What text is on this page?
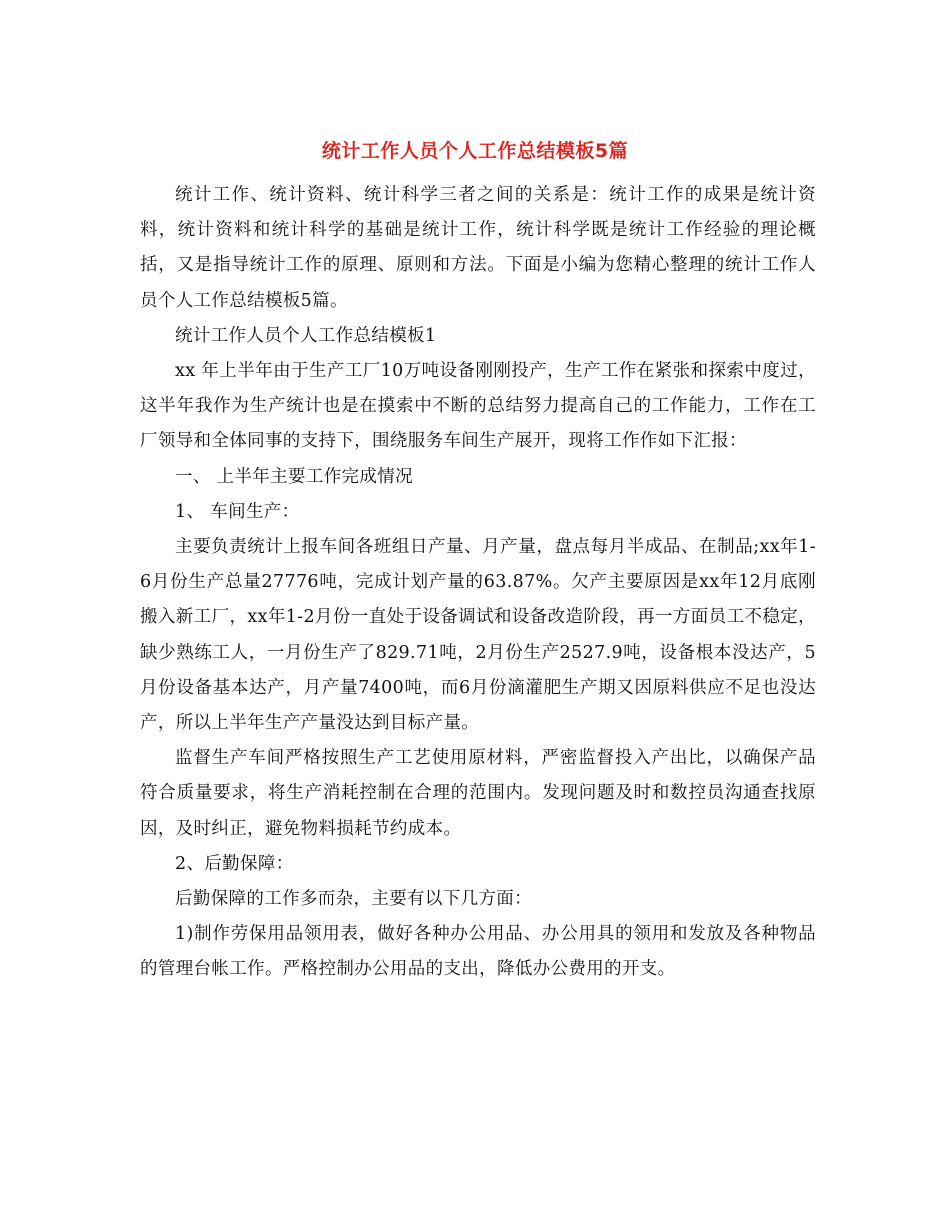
统计工作人员个人工作总结模板5篇

统计工作、统计资料、统计科学三者之间的关系是：统计工作的成果是统计资料，统计资料和统计科学的基础是统计工作，统计科学既是统计工作经验的理论概括，又是指导统计工作的原理、原则和方法。下面是小编为您精心整理的统计工作人员个人工作总结模板5篇。

统计工作人员个人工作总结模板1

xx 年上半年由于生产工厂10万吨设备刚刚投产，生产工作在紧张和探索中度过，这半年我作为生产统计也是在摸索中不断的总结努力提高自己的工作能力，工作在工厂领导和全体同事的支持下，围绕服务车间生产展开，现将工作作如下汇报：

一、 上半年主要工作完成情况

1、 车间生产：

主要负责统计上报车间各班组日产量、月产量，盘点每月半成品、在制品;xx年1-6月份生产总量27776吨，完成计划产量的63.87%。欠产主要原因是xx年12月底刚搬入新工厂，xx年1-2月份一直处于设备调试和设备改造阶段，再一方面员工不稳定，缺少熟练工人，一月份生产了829.71吨，2月份生产2527.9吨，设备根本没达产，5月份设备基本达产，月产量7400吨，而6月份滴灌肥生产期又因原料供应不足也没达产，所以上半年生产产量没达到目标产量。

监督生产车间严格按照生产工艺使用原材料，严密监督投入产出比，以确保产品符合质量要求，将生产消耗控制在合理的范围内。发现问题及时和数控员沟通查找原因，及时纠正，避免物料损耗节约成本。

2、后勤保障：

后勤保障的工作多而杂，主要有以下几方面：

1)制作劳保用品领用表，做好各种办公用品、办公用具的领用和发放及各种物品的管理台帐工作。严格控制办公用品的支出，降低办公费用的开支。
